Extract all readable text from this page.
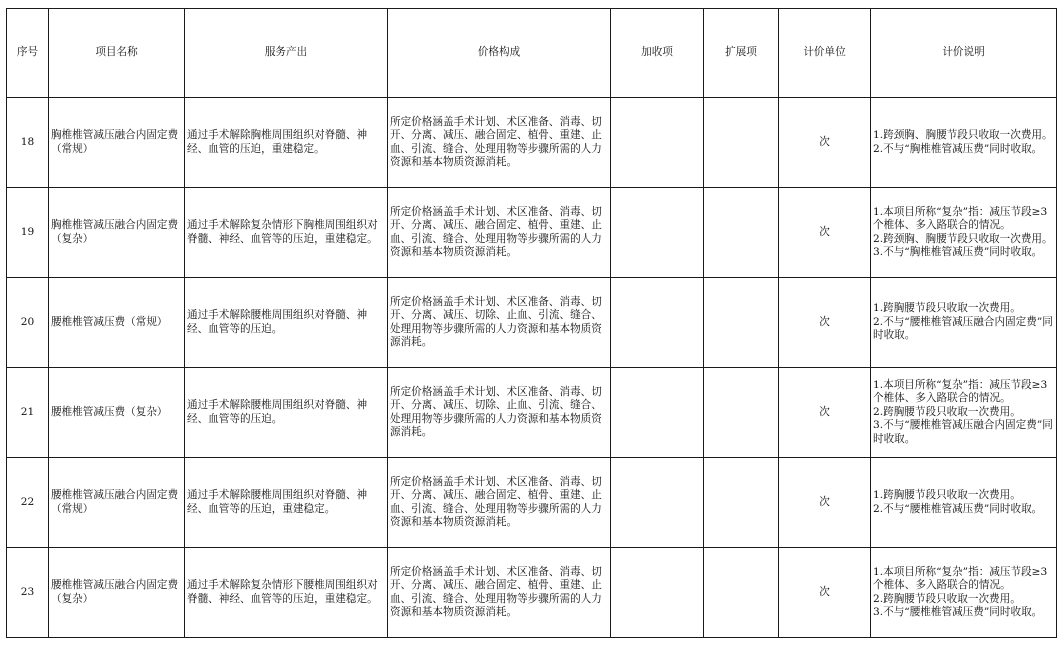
序号	项目名称	服务产出	价格构成	加收项	扩展项	计价单位	计价说明
18	胸椎椎管减压融合内固定费（常规）	通过手术解除胸椎周围组织对脊髓、神经、血管的压迫，重建稳定。	所定价格涵盖手术计划、术区准备、消毒、切开、分离、减压、融合固定、植骨、重建、止血、引流、缝合、处理用物等步骤所需的人力资源和基本物质资源消耗。			次	1.跨颈胸、胸腰节段只收取一次费用。
2.不与“胸椎椎管减压费”同时收取。

19	胸椎椎管减压融合内固定费（复杂）	通过手术解除复杂情形下胸椎周围组织对脊髓、神经、血管等的压迫，重建稳定。	所定价格涵盖手术计划、术区准备、消毒、切开、分离、减压、融合固定、植骨、重建、止血、引流、缝合、处理用物等步骤所需的人力资源和基本物质资源消耗。			次	1.本项目所称“复杂”指：减压节段≥3个椎体、多入路联合的情况。
2.跨颈胸、胸腰节段只收取一次费用。
3.不与“胸椎椎管减压费”同时收取。

20	腰椎椎管减压费（常规）	通过手术解除腰椎周围组织对脊髓、神经、血管等的压迫。	所定价格涵盖手术计划、术区准备、消毒、切开、分离、减压、切除、止血、引流、缝合、处理用物等步骤所需的人力资源和基本物质资源消耗。			次	1.跨胸腰节段只收取一次费用。
2.不与“腰椎椎管减压融合内固定费”同时收取。

21	腰椎椎管减压费（复杂）	通过手术解除腰椎周围组织对脊髓、神经、血管等的压迫。	所定价格涵盖手术计划、术区准备、消毒、切开、分离、减压、切除、止血、引流、缝合、处理用物等步骤所需的人力资源和基本物质资源消耗。			次	1.本项目所称“复杂”指：减压节段≥3个椎体、多入路联合的情况。
2.跨胸腰节段只收取一次费用。
3.不与“腰椎椎管减压融合内固定费”同时收取。

22	腰椎椎管减压融合内固定费（常规）	通过手术解除腰椎周围组织对脊髓、神经、血管等的压迫，重建稳定。	所定价格涵盖手术计划、术区准备、消毒、切开、分离、减压、融合固定、植骨、重建、止血、引流、缝合、处理用物等步骤所需的人力资源和基本物质资源消耗。			次	1.跨胸腰节段只收取一次费用。
2.不与“腰椎椎管减压费”同时收取。

23	腰椎椎管减压融合内固定费（复杂）	通过手术解除复杂情形下腰椎周围组织对脊髓、神经、血管等的压迫，重建稳定。	所定价格涵盖手术计划、术区准备、消毒、切开、分离、减压、融合固定、植骨、重建、止血、引流、缝合、处理用物等步骤所需的人力资源和基本物质资源消耗。			次	1.本项目所称“复杂”指：减压节段≥3个椎体、多入路联合的情况。
2.跨胸腰节段只收取一次费用。
3.不与“腰椎椎管减压费”同时收取。
